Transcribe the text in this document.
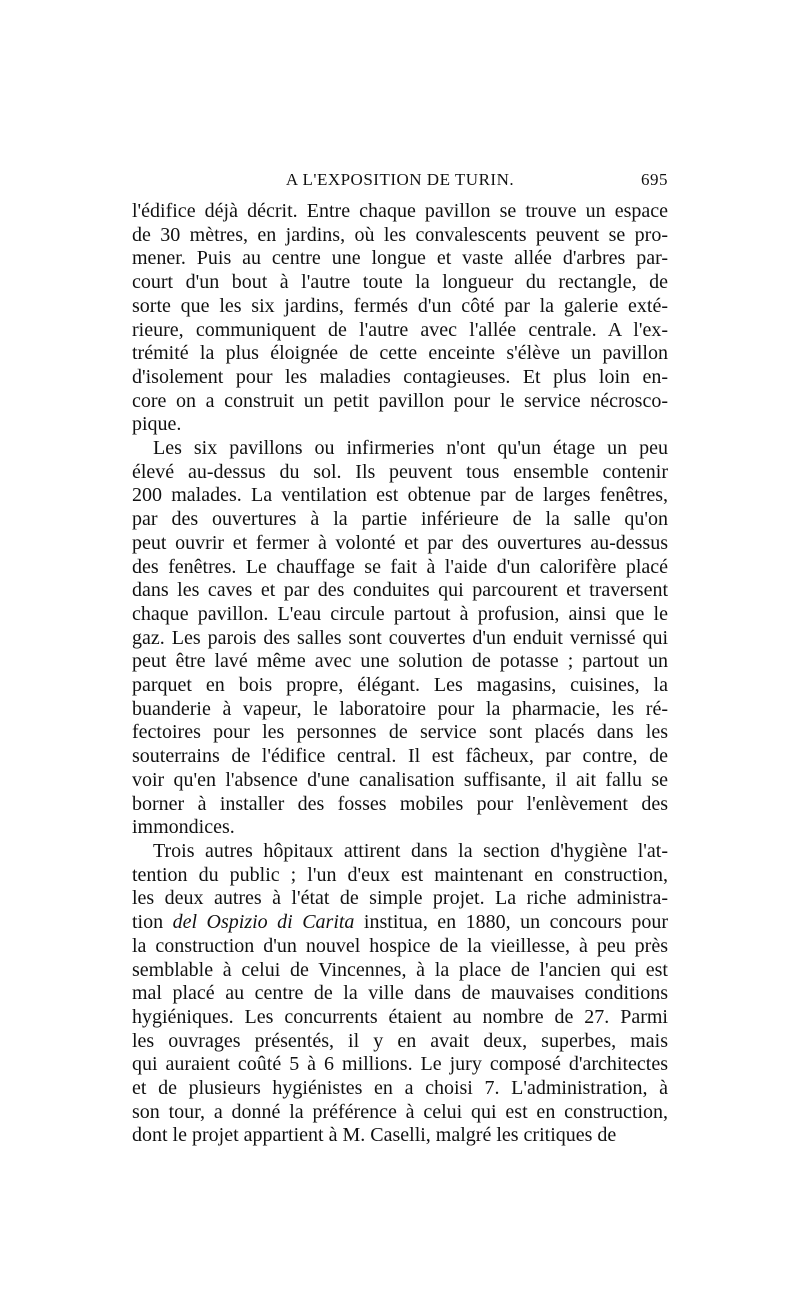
A L'EXPOSITION DE TURIN.	695

l'édifice déjà décrit. Entre chaque pavillon se trouve un espace
de 30 mètres, en jardins, où les convalescents peuvent se pro-
mener. Puis au centre une longue et vaste allée d'arbres par-
court d'un bout à l'autre toute la longueur du rectangle, de
sorte que les six jardins, fermés d'un côté par la galerie exté-
rieure, communiquent de l'autre avec l'allée centrale. A l'ex-
trémité la plus éloignée de cette enceinte s'élève un pavillon
d'isolement pour les maladies contagieuses. Et plus loin en-
core on a construit un petit pavillon pour le service nécrosco-
pique.

Les six pavillons ou infirmeries n'ont qu'un étage un peu
élevé au-dessus du sol. Ils peuvent tous ensemble contenir
200 malades. La ventilation est obtenue par de larges fenêtres,
par des ouvertures à la partie inférieure de la salle qu'on
peut ouvrir et fermer à volonté et par des ouvertures au-dessus
des fenêtres. Le chauffage se fait à l'aide d'un calorifère placé
dans les caves et par des conduites qui parcourent et traversent
chaque pavillon. L'eau circule partout à profusion, ainsi que le
gaz. Les parois des salles sont couvertes d'un enduit vernissé qui
peut être lavé même avec une solution de potasse ; partout un
parquet en bois propre, élégant. Les magasins, cuisines, la
buanderie à vapeur, le laboratoire pour la pharmacie, les ré-
fectoires pour les personnes de service sont placés dans les
souterrains de l'édifice central. Il est fâcheux, par contre, de
voir qu'en l'absence d'une canalisation suffisante, il ait fallu se
borner à installer des fosses mobiles pour l'enlèvement des
immondices.

Trois autres hôpitaux attirent dans la section d'hygiène l'at-
tention du public ; l'un d'eux est maintenant en construction,
les deux autres à l'état de simple projet. La riche administra-
tion del Ospizio di Carita institua, en 1880, un concours pour
la construction d'un nouvel hospice de la vieillesse, à peu près
semblable à celui de Vincennes, à la place de l'ancien qui est
mal placé au centre de la ville dans de mauvaises conditions
hygiéniques. Les concurrents étaient au nombre de 27. Parmi
les ouvrages présentés, il y en avait deux, superbes, mais
qui auraient coûté 5 à 6 millions. Le jury composé d'architectes
et de plusieurs hygiénistes en a choisi 7. L'administration, à
son tour, a donné la préférence à celui qui est en construction,
dont le projet appartient à M. Caselli, malgré les critiques de
